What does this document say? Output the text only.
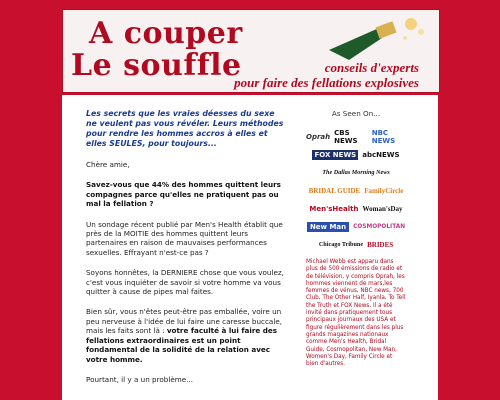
A couper
Le souffle	conseils d'experts
pour faire des fellations explosives

Les secrets que les vraies déesses du sexe ne veulent pas vous révéler. Leurs méthodes pour rendre les hommes accros à elles et elles SEULES, pour toujours...

Chère amie,

Savez-vous que 44% des hommes quittent leurs compagnes parce qu'elles ne pratiquent pas ou mal la fellation ?

Un sondage récent publié par Men's Health établit que près de la MOITIE des hommes quittent leurs partenaires en raison de mauvaises performances sexuelles. Effrayant n'est-ce pas ?

Soyons honnêtes, la DERNIERE chose que vous voulez, c'est vous inquiéter de savoir si votre homme va vous quitter à cause de pipes mal faites.

Bien sûr, vous n'êtes peut-être pas emballée, voire un peu nerveuse à l'idée de lui faire une caresse buccale, mais les faits sont là : votre faculté à lui faire des fellations extraordinaires est un point fondamental de la solidité de la relation avec votre homme.

Pourtant, il y a un problème...

As Seen On...
Oprah CBS NEWS
NBC NEWS
FOX NEWS abcNEWS
The Dallas Morning News
BRIDAL GUIDE FamilyCircle
Men'sHealth Woman'sDay
New Man	COSMOPOLITAN
Chicago Tribune BRIDES
Michael Webb est apparu dans plus de 500 émissions de radio et de télévision, y compris Oprah, les hommes viennent de mars,les femmes de vénus, NBC news, 700 Club, The Other Half, Iyanla, To Tell the Truth et FOX News. Il a été invité dans pratiquement tous principaux journaux des USA et figure régulièrement dans les plus grands magazines nationaux comme Men's Health, Bridal Guide, Cosmopolitan, New Man, Women's Day, Family Circle et bien d'autres.
